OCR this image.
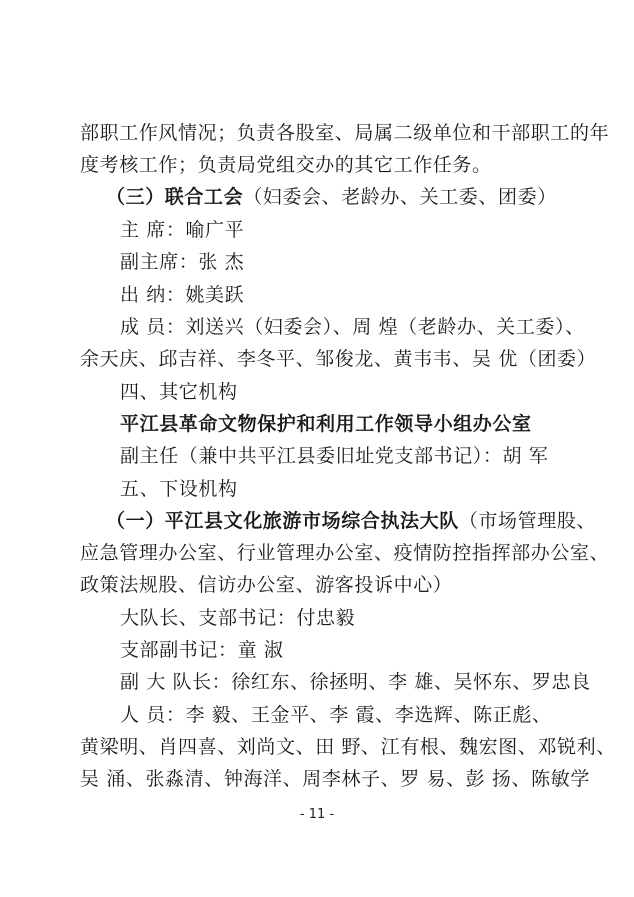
部职工作风情况；负责各股室、局属二级单位和干部职工的年
度考核工作；负责局党组交办的其它工作任务。
（三）联合工会（妇委会、老龄办、关工委、团委）
主 席：喻广平
副主席：张 杰
出 纳：姚美跃
成 员：刘送兴（妇委会）、周 煌（老龄办、关工委）、
余天庆、邱吉祥、李冬平、邹俊龙、黄韦韦、吴 优（团委）
四、其它机构
平江县革命文物保护和利用工作领导小组办公室
副主任（兼中共平江县委旧址党支部书记）：胡 军
五、下设机构
（一）平江县文化旅游市场综合执法大队（市场管理股、
应急管理办公室、行业管理办公室、疫情防控指挥部办公室、
政策法规股、信访办公室、游客投诉中心）
大队长、支部书记：付忠毅
支部副书记：童 淑
副 大 队长：徐红东、徐拯明、李 雄、吴怀东、罗忠良
人 员：李 毅、王金平、李 霞、李选辉、陈正彪、
黄梁明、肖四喜、刘尚文、田 野、江有根、魏宏图、邓锐利、
吴 涌、张淼清、钟海洋、周李林子、罗 易、彭 扬、陈敏学
- 11 -
